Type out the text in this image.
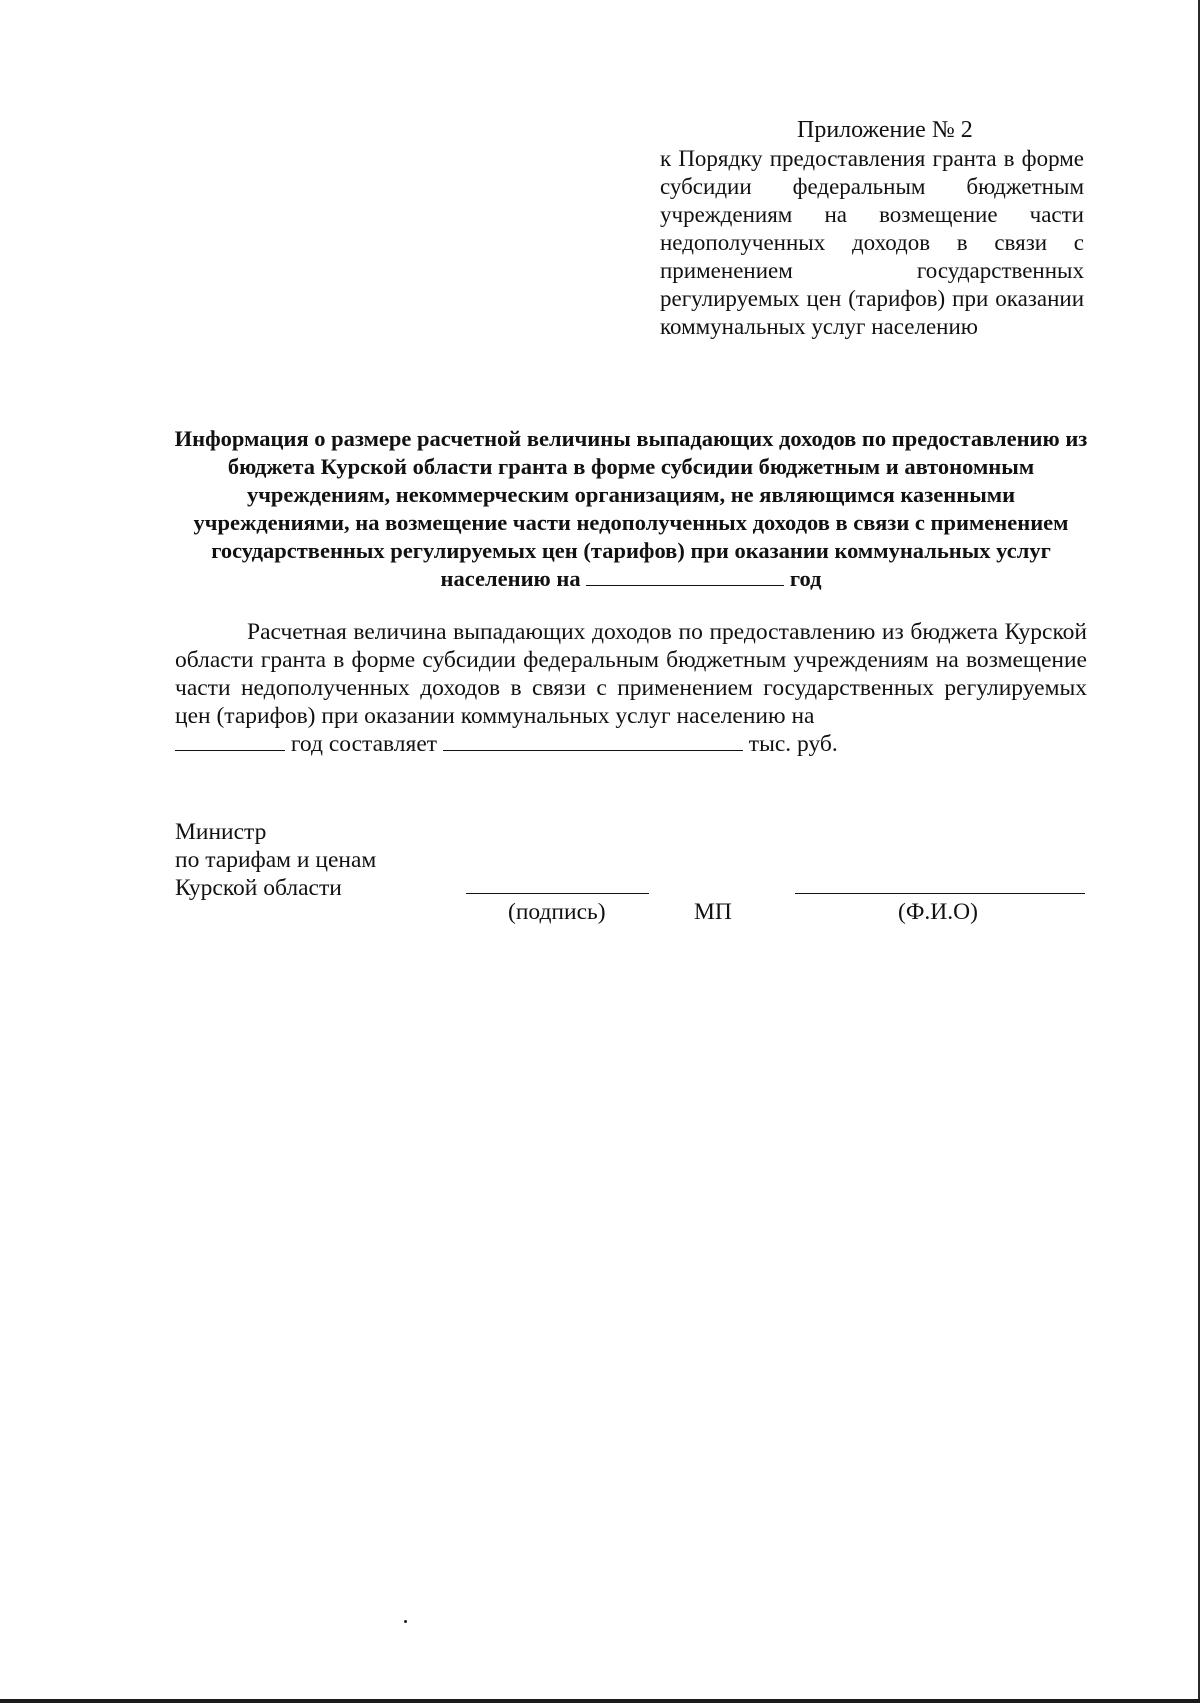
Приложение № 2

к Порядку предоставления гранта в форме субсидии федеральным бюджетным учреждениям на возмещение части недополученных доходов в связи с применением государственных регулируемых цен (тарифов) при оказании коммунальных услуг населению

Информация о размере расчетной величины выпадающих доходов по предоставлению из бюджета Курской области гранта в форме субсидии бюджетным и автономным учреждениям, некоммерческим организациям, не являющимся казенными учреждениями, на возмещение части недополученных доходов в связи с применением государственных регулируемых цен (тарифов) при оказании коммунальных услуг населению на	год

Расчетная величина выпадающих доходов по предоставлению из бюджета Курской области гранта в форме субсидии федеральным бюджетным учреждениям на возмещение части недополученных доходов в связи с применением государственных регулируемых цен (тарифов) при оказании коммунальных услуг населению на
год составляет	тыс. руб.

Министр
по тарифам и ценам
Курской области

(подпись)	МП	(Ф.И.О)
